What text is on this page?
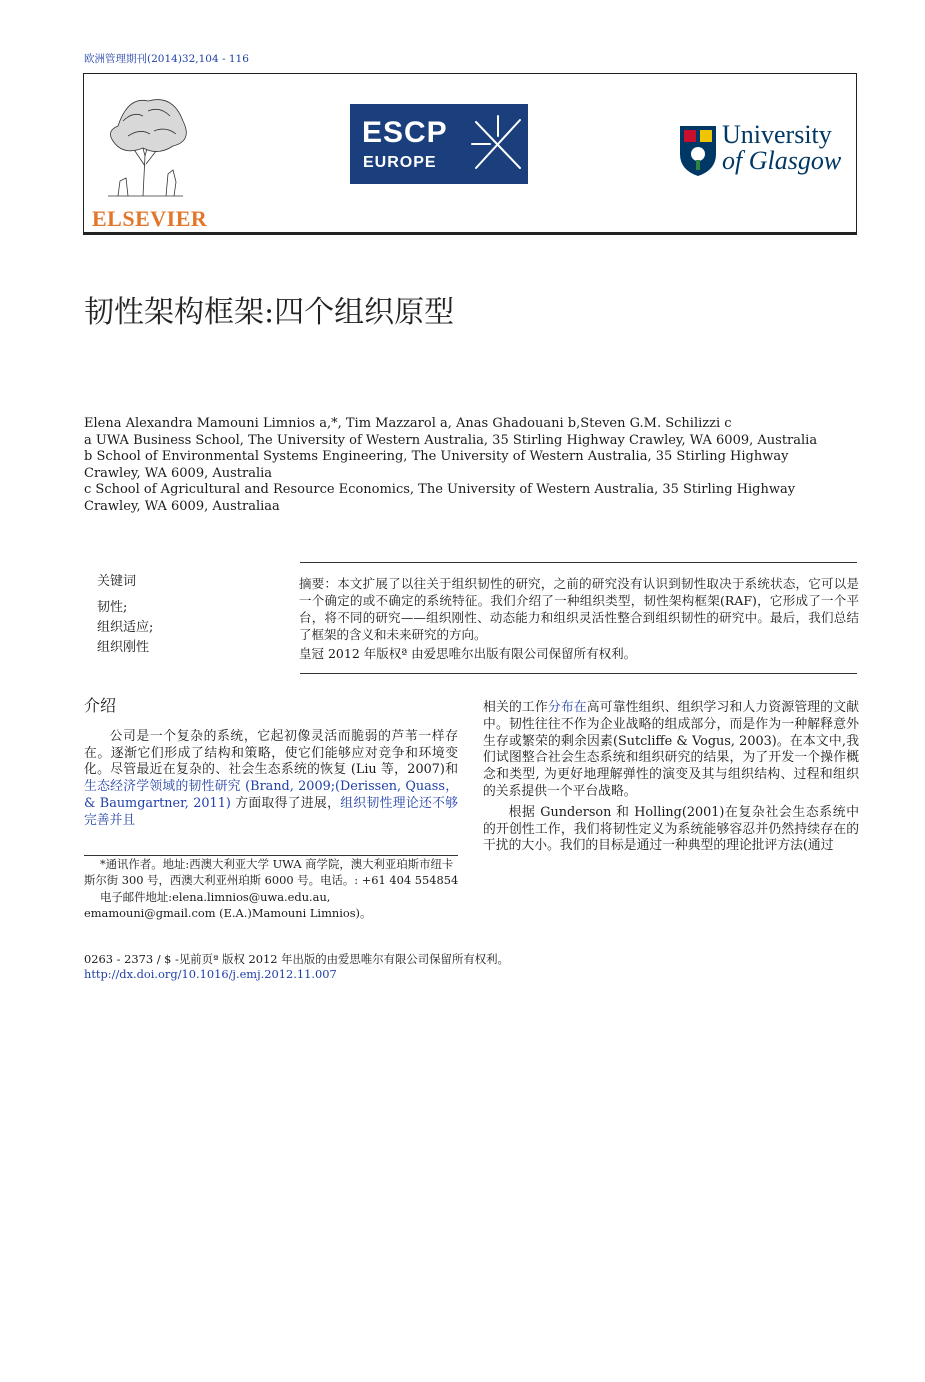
欧洲管理期刊(2014)32,104 - 116
ELSEVIER
ESCP
EUROPE
University
of Glasgow
韧性架构框架:四个组织原型
Elena Alexandra Mamouni Limnios a,*, Tim Mazzarol a, Anas Ghadouani b,Steven G.M. Schilizzi c
a UWA Business School, The University of Western Australia, 35 Stirling Highway Crawley, WA 6009, Australia
b School of Environmental Systems Engineering, The University of Western Australia, 35 Stirling Highway Crawley, WA 6009, Australia
c School of Agricultural and Resource Economics, The University of Western Australia, 35 Stirling Highway Crawley, WA 6009, Australiaa
关键词
韧性;
组织适应;
组织刚性
摘要：本文扩展了以往关于组织韧性的研究，之前的研究没有认识到韧性取决于系统状态，它可以是一个确定的或不确定的系统特征。我们介绍了一种组织类型，韧性架构框架(RAF)，它形成了一个平台，将不同的研究——组织刚性、动态能力和组织灵活性整合到组织韧性的研究中。最后，我们总结了框架的含义和未来研究的方向。
皇冠 2012 年版权ª 由爱思唯尔出版有限公司保留所有权利。
介绍
公司是一个复杂的系统，它起初像灵活而脆弱的芦苇一样存在。逐渐它们形成了结构和策略，使它们能够应对竞争和环境变化。尽管最近在复杂的、社会生态系统的恢复 (Liu 等，2007)和生态经济学领域的韧性研究 (Brand, 2009;(Derissen, Quass， & Baumgartner, 2011) 方面取得了进展，组织韧性理论还不够完善并且
*通讯作者。地址:西澳大利亚大学 UWA 商学院，澳大利亚珀斯市纽卡斯尔街 300 号，西澳大利亚州珀斯 6000 号。电话。: +61 404 554854
电子邮件地址:elena.limnios@uwa.edu.au, emamouni@gmail.com (E.A.)Mamouni Limnios)。
相关的工作分布在高可靠性组织、组织学习和人力资源管理的文献中。韧性往往不作为企业战略的组成部分，而是作为一种解释意外生存或繁荣的剩余因素(Sutcliffe & Vogus, 2003)。在本文中,我们试图整合社会生态系统和组织研究的结果，为了开发一个操作概念和类型, 为更好地理解弹性的演变及其与组织结构、过程和组织的关系提供一个平台战略。
根据 Gunderson 和 Holling(2001)在复杂社会生态系统中的开创性工作，我们将韧性定义为系统能够容忍并仍然持续存在的干扰的大小。我们的目标是通过一种典型的理论批评方法(通过
0263 - 2373 / $ -见前页ª 版权 2012 年出版的由爱思唯尔有限公司保留所有权利。
http://dx.doi.org/10.1016/j.emj.2012.11.007
